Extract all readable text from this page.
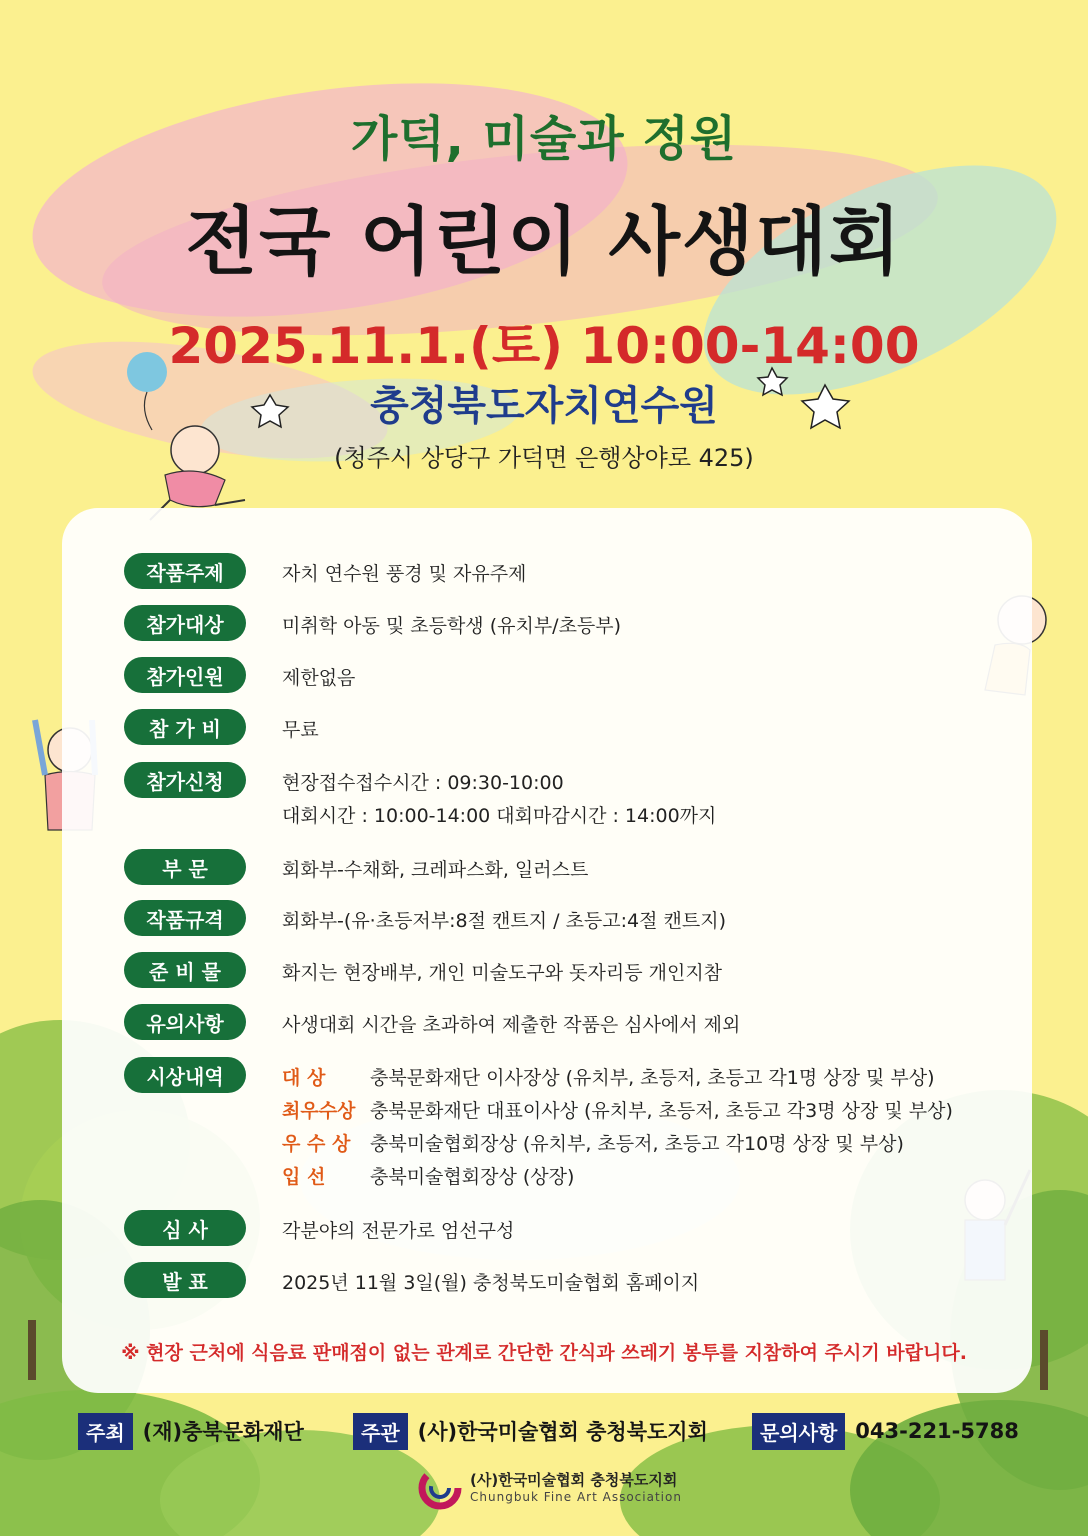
가덕, 미술과 정원
전국 어린이 사생대회
2025.11.1.(토) 10:00-14:00
충청북도자치연수원
(청주시 상당구 가덕면 은행상야로 425)
작품주제	자치 연수원 풍경 및 자유주제
참가대상	미취학 아동 및 초등학생 (유치부/초등부)
참가인원	제한없음
참 가 비	무료
참가신청	현장접수접수시간 : 09:30-10:00
대회시간 : 10:00-14:00 대회마감시간 : 14:00까지
부 문	회화부-수채화, 크레파스화, 일러스트
작품규격	회화부-(유·초등저부:8절 캔트지 / 초등고:4절 캔트지)
준 비 물	화지는 현장배부, 개인 미술도구와 돗자리등 개인지참
유의사항	사생대회 시간을 초과하여 제출한 작품은 심사에서 제외
시상내역	대 상 충북문화재단 이사장상 (유치부, 초등저, 초등고 각1명 상장 및 부상)
최우수상 충북문화재단 대표이사상 (유치부, 초등저, 초등고 각3명 상장 및 부상)
우 수 상 충북미술협회장상 (유치부, 초등저, 초등고 각10명 상장 및 부상)
입 선 충북미술협회장상 (상장)
심 사	각분야의 전문가로 엄선구성
발 표	2025년 11월 3일(월) 충청북도미술협회 홈페이지
※ 현장 근처에 식음료 판매점이 없는 관계로 간단한 간식과 쓰레기 봉투를 지참하여 주시기 바랍니다.
주최 (재)충북문화재단	주관 (사)한국미술협회 충청북도지회	문의사항 043-221-5788
(사)한국미술협회 충청북도지회
Chungbuk Fine Art Association
